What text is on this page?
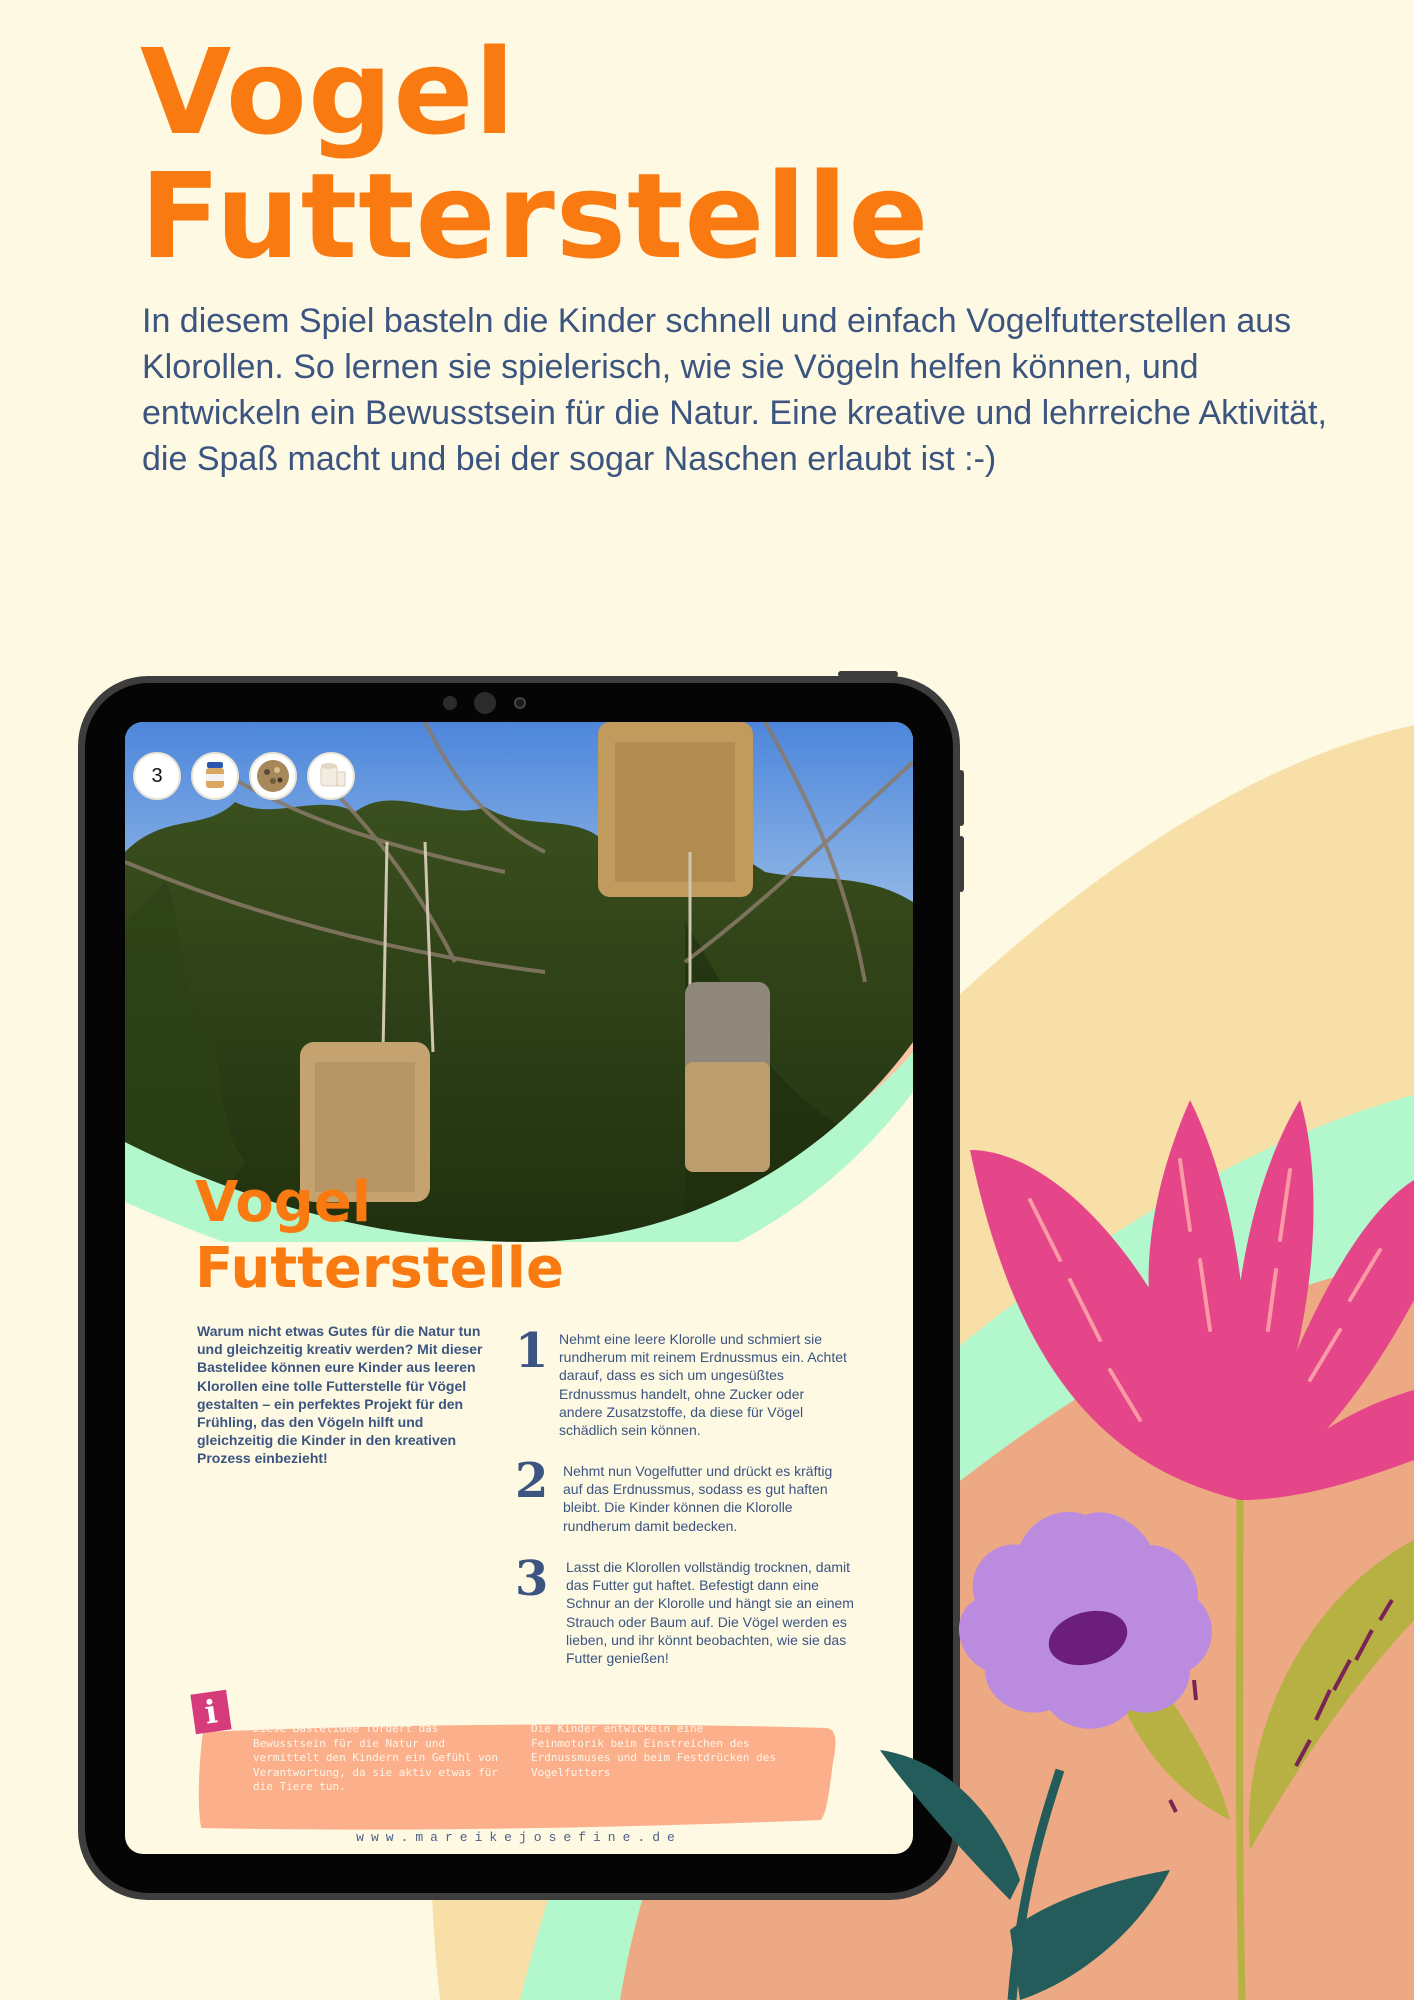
Vogel
Futterstelle

In diesem Spiel basteln die Kinder schnell und einfach Vogelfutterstellen aus Klorollen. So lernen sie spielerisch, wie sie Vögeln helfen können, und entwickeln ein Bewusstsein für die Natur. Eine kreative und lehrreiche Aktivität, die Spaß macht und bei der sogar Naschen erlaubt ist :-)

3
Vogel
Futterstelle

Warum nicht etwas Gutes für die Natur tun und gleichzeitig kreativ werden? Mit dieser Bastelidee können eure Kinder aus leeren Klorollen eine tolle Futterstelle für Vögel gestalten – ein perfektes Projekt für den Frühling, das den Vögeln hilft und gleichzeitig die Kinder in den kreativen Prozess einbezieht!

1 Nehmt eine leere Klorolle und schmiert sie rundherum mit reinem Erdnussmus ein. Achtet darauf, dass es sich um ungesüßtes Erdnussmus handelt, ohne Zucker oder andere Zusatzstoffe, da diese für Vögel schädlich sein können.

2 Nehmt nun Vogelfutter und drückt es kräftig auf das Erdnussmus, sodass es gut haften bleibt. Die Kinder können die Klorolle rundherum damit bedecken.

3 Lasst die Klorollen vollständig trocknen, damit das Futter gut haftet. Befestigt dann eine Schnur an der Klorolle und hängt sie an einem Strauch oder Baum auf. Die Vögel werden es lieben, und ihr könnt beobachten, wie sie das Futter genießen!

i	Diese Bastelidee fördert das Bewusstsein für die Natur und vermittelt den Kindern ein Gefühl von Verantwortung, da sie aktiv etwas für die Tiere tun.

Die Kinder entwickeln eine Feinmotorik beim Einstreichen des Erdnussmuses und beim Festdrücken des Vogelfutters

www.mareikejosefine.de
